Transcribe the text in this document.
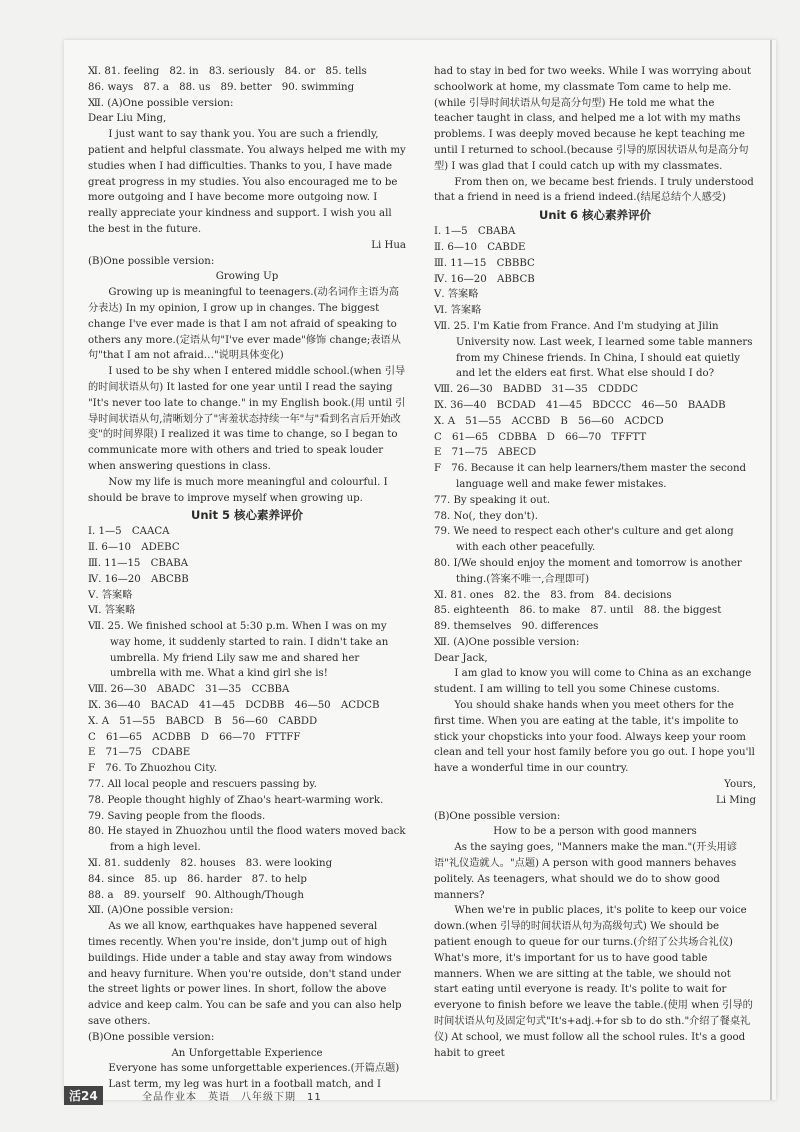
Ⅺ. 81. feeling　82. in　83. seriously　84. or　85. tells

86. ways　87. a　88. us　89. better　90. swimming

Ⅻ. (A)One possible version:

Dear Liu Ming,

I just want to say thank you. You are such a friendly, patient and helpful classmate. You always helped me with my studies when I had difficulties. Thanks to you, I have made great progress in my studies. You also encouraged me to be more outgoing and I have become more outgoing now. I really appreciate your kindness and support. I wish you all the best in the future.

Li Hua

(B)One possible version:

Growing Up

Growing up is meaningful to teenagers.(动名词作主语为高分表达) In my opinion, I grow up in changes. The biggest change I've ever made is that I am not afraid of speaking to others any more.(定语从句"I've ever made"修饰 change;表语从句"that I am not afraid…"说明具体变化)

I used to be shy when I entered middle school.(when 引导的时间状语从句) It lasted for one year until I read the saying "It's never too late to change." in my English book.(用 until 引导时间状语从句,清晰划分了"害羞状态持续一年"与"看到名言后开始改变"的时间界限) I realized it was time to change, so I began to communicate more with others and tried to speak louder when answering questions in class.

Now my life is much more meaningful and colourful. I should be brave to improve myself when growing up.

Unit 5 核心素养评价

Ⅰ. 1—5　CAACA

Ⅱ. 6—10　ADEBC

Ⅲ. 11—15　CBABA

Ⅳ. 16—20　ABCBB

Ⅴ. 答案略

Ⅵ. 答案略

Ⅶ. 25. We finished school at 5:30 p.m. When I was on my way home, it suddenly started to rain. I didn't take an umbrella. My friend Lily saw me and shared her umbrella with me. What a kind girl she is!

Ⅷ. 26—30　ABADC　31—35　CCBBA

Ⅸ. 36—40　BACAD　41—45　DCDBB　46—50　ACDCB

Ⅹ. A　51—55　BABCD　B　56—60　CABDD

C　61—65　ACDBB　D　66—70　FTTFF

E　71—75　CDABE

F　76. To Zhuozhou City.

77. All local people and rescuers passing by.

78. People thought highly of Zhao's heart-warming work.

79. Saving people from the floods.

80. He stayed in Zhuozhou until the flood waters moved back from a high level.

Ⅺ. 81. suddenly　82. houses　83. were looking

84. since　85. up　86. harder　87. to help

88. a　89. yourself　90. Although/Though

Ⅻ. (A)One possible version:

As we all know, earthquakes have happened several times recently. When you're inside, don't jump out of high buildings. Hide under a table and stay away from windows and heavy furniture. When you're outside, don't stand under the street lights or power lines. In short, follow the above advice and keep calm. You can be safe and you can also help save others.

(B)One possible version:

An Unforgettable Experience

Everyone has some unforgettable experiences.(开篇点题)

Last term, my leg was hurt in a football match, and I

had to stay in bed for two weeks. While I was worrying about schoolwork at home, my classmate Tom came to help me.(while 引导时间状语从句是高分句型) He told me what the teacher taught in class, and helped me a lot with my maths problems. I was deeply moved because he kept teaching me until I returned to school.(because 引导的原因状语从句是高分句型) I was glad that I could catch up with my classmates.

From then on, we became best friends. I truly understood that a friend in need is a friend indeed.(结尾总结个人感受)

Unit 6 核心素养评价

Ⅰ. 1—5　CBABA

Ⅱ. 6—10　CABDE

Ⅲ. 11—15　CBBBC

Ⅳ. 16—20　ABBCB

Ⅴ. 答案略

Ⅵ. 答案略

Ⅶ. 25. I'm Katie from France. And I'm studying at Jilin University now. Last week, I learned some table manners from my Chinese friends. In China, I should eat quietly and let the elders eat first. What else should I do?

Ⅷ. 26—30　BADBD　31—35　CDDDC

Ⅸ. 36—40　BCDAD　41—45　BDCCC　46—50　BAADB

Ⅹ. A　51—55　ACCBD　B　56—60　ACDCD

C　61—65　CDBBA　D　66—70　TFFTT

E　71—75　ABECD

F　76. Because it can help learners/them master the second language well and make fewer mistakes.

77. By speaking it out.

78. No(, they don't).

79. We need to respect each other's culture and get along with each other peacefully.

80. I/We should enjoy the moment and tomorrow is another thing.(答案不唯一,合理即可)

Ⅺ. 81. ones　82. the　83. from　84. decisions

85. eighteenth　86. to make　87. until　88. the biggest

89. themselves　90. differences

Ⅻ. (A)One possible version:

Dear Jack,

I am glad to know you will come to China as an exchange student. I am willing to tell you some Chinese customs.

You should shake hands when you meet others for the first time. When you are eating at the table, it's impolite to stick your chopsticks into your food. Always keep your room clean and tell your host family before you go out. I hope you'll have a wonderful time in our country.

Yours,

Li Ming

(B)One possible version:

How to be a person with good manners

As the saying goes, "Manners make the man."(开头用谚语"礼仪造就人。"点题) A person with good manners behaves politely. As teenagers, what should we do to show good manners?

When we're in public places, it's polite to keep our voice down.(when 引导的时间状语从句为高级句式) We should be patient enough to queue for our turns.(介绍了公共场合礼仪) What's more, it's important for us to have good table manners. When we are sitting at the table, we should not start eating until everyone is ready. It's polite to wait for everyone to finish before we leave the table.(使用 when 引导的时间状语从句及固定句式"It's+adj.+for sb to do sth."介绍了餐桌礼仪) At school, we must follow all the school rules. It's a good habit to greet

活24	全品作业本　英语　八年级下期　11
